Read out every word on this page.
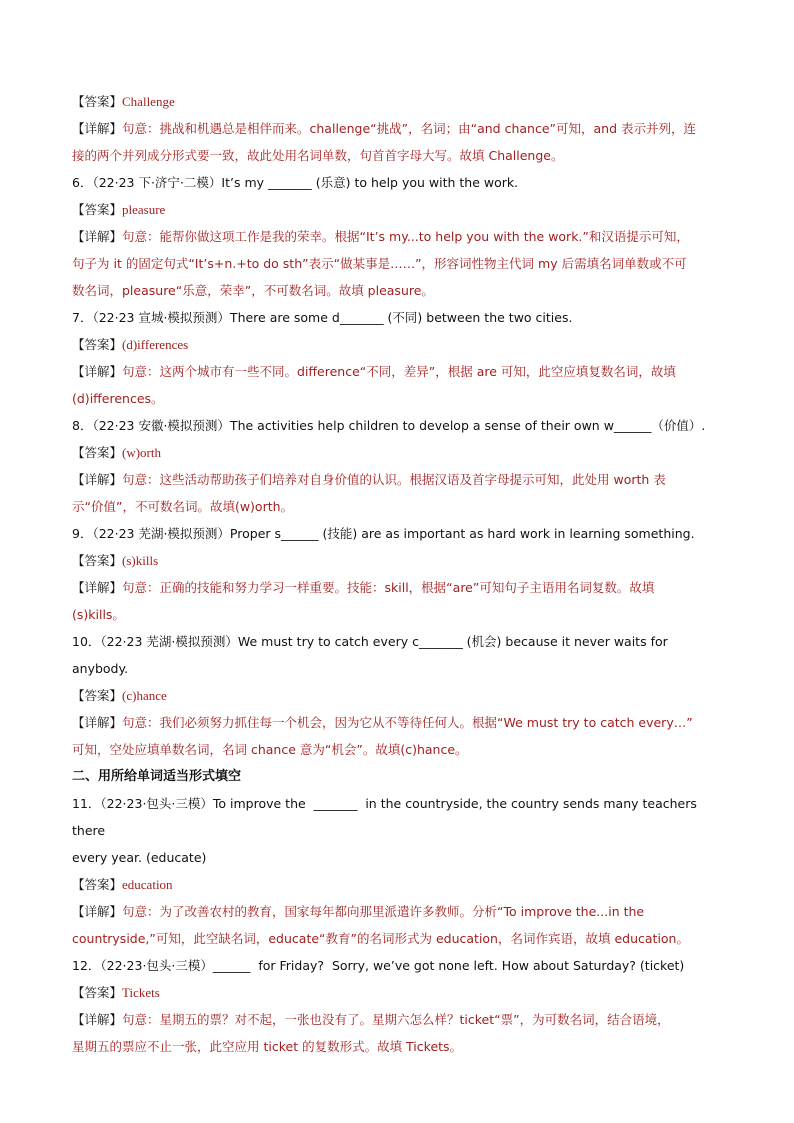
【答案】Challenge
【详解】句意：挑战和机遇总是相伴而来。challenge“挑战”，名词；由“and chance”可知，and 表示并列，连
接的两个并列成分形式要一致，故此处用名词单数，句首首字母大写。故填 Challenge。
6．（22·23 下·济宁·二模）It’s my _______ (乐意) to help you with the work.
【答案】pleasure
【详解】句意：能帮你做这项工作是我的荣幸。根据“It’s my...to help you with the work.”和汉语提示可知，
句子为 it 的固定句式“It’s+n.+to do sth”表示“做某事是……”，形容词性物主代词 my 后需填名词单数或不可
数名词，pleasure“乐意，荣幸”，不可数名词。故填 pleasure。
7．（22·23 宣城·模拟预测）There are some d_______ (不同) between the two cities.
【答案】(d)ifferences
【详解】句意：这两个城市有一些不同。difference“不同，差异”，根据 are 可知，此空应填复数名词，故填
(d)ifferences。
8．（22·23 安徽·模拟预测）The activities help children to develop a sense of their own w______（价值）.
【答案】(w)orth
【详解】句意：这些活动帮助孩子们培养对自身价值的认识。根据汉语及首字母提示可知，此处用 worth 表
示“价值”，不可数名词。故填(w)orth。
9．（22·23 芜湖·模拟预测）Proper s______ (技能) are as important as hard work in learning something.
【答案】(s)kills
【详解】句意：正确的技能和努力学习一样重要。技能：skill，根据“are”可知句子主语用名词复数。故填
(s)kills。
10．（22·23 芜湖·模拟预测）We must try to catch every c_______ (机会) because it never waits for anybody.
【答案】(c)hance
【详解】句意：我们必须努力抓住每一个机会，因为它从不等待任何人。根据“We must try to catch every…”
可知，空处应填单数名词，名词 chance 意为“机会”。故填(c)hance。
二、用所给单词适当形式填空
11．（22·23·包头·三模）To improve the  _______  in the countryside, the country sends many teachers there
every year. (educate)
【答案】education
【详解】句意：为了改善农村的教育，国家每年都向那里派遣许多教师。分析“To improve the...in the
countryside,”可知，此空缺名词，educate“教育”的名词形式为 education，名词作宾语，故填 education。
12．（22·23·包头·三模）______  for Friday?  Sorry, we’ve got none left. How about Saturday? (ticket)
【答案】Tickets
【详解】句意：星期五的票？对不起，一张也没有了。星期六怎么样？ticket“票”，为可数名词，结合语境，
星期五的票应不止一张，此空应用 ticket 的复数形式。故填 Tickets。
